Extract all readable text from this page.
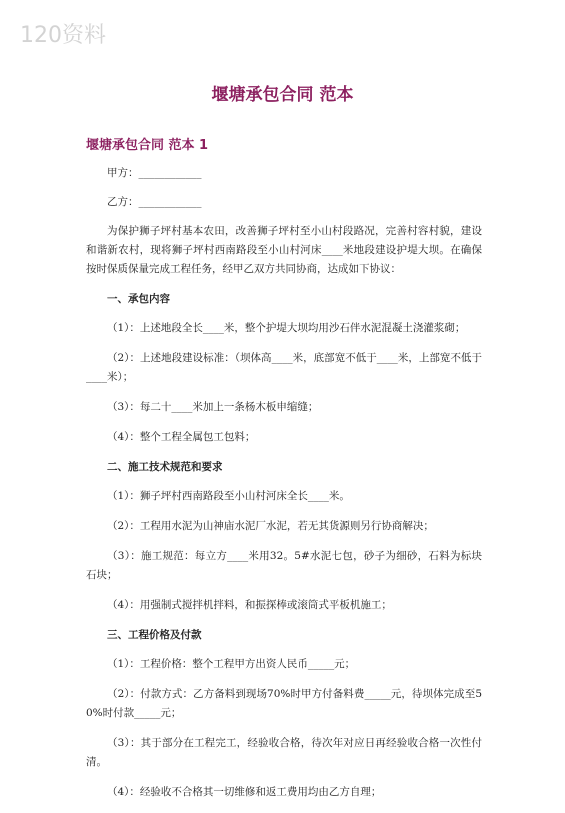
120资料
堰塘承包合同 范本
堰塘承包合同 范本 1

甲方：____________

乙方：____________

为保护狮子坪村基本农田，改善狮子坪村至小山村段路况，完善村容村貌，建设和谐新农村，现将狮子坪村西南路段至小山村河床____米地段建设护堤大坝。在确保按时保质保量完成工程任务，经甲乙双方共同协商，达成如下协议：

一、承包内容

（1）：上述地段全长____米，整个护堤大坝均用沙石伴水泥混凝土浇灌浆砌；

（2）：上述地段建设标准：（坝体高____米，底部宽不低于____米，上部宽不低于____米）；

（3）：每二十____米加上一条杨木板申缩缝；

（4）：整个工程全属包工包料；

二、施工技术规范和要求

（1）：狮子坪村西南路段至小山村河床全长____米。

（2）：工程用水泥为山神庙水泥厂水泥，若无其货源则另行协商解决；

（3）：施工规范：每立方____米用32。5#水泥七包，砂子为细砂，石料为标块石块；

（4）：用强制式搅拌机拌料，和振探棒或滚筒式平板机施工；

三、工程价格及付款

（1）：工程价格：整个工程甲方出资人民币_____元；

（2）：付款方式：乙方备料到现场70%时甲方付备料费_____元，待坝体完成至50%时付款_____元；

（3）：其于部分在工程完工，经验收合格，待次年对应日再经验收合格一次性付清。

（4）：经验收不合格其一切维修和返工费用均由乙方自理；
